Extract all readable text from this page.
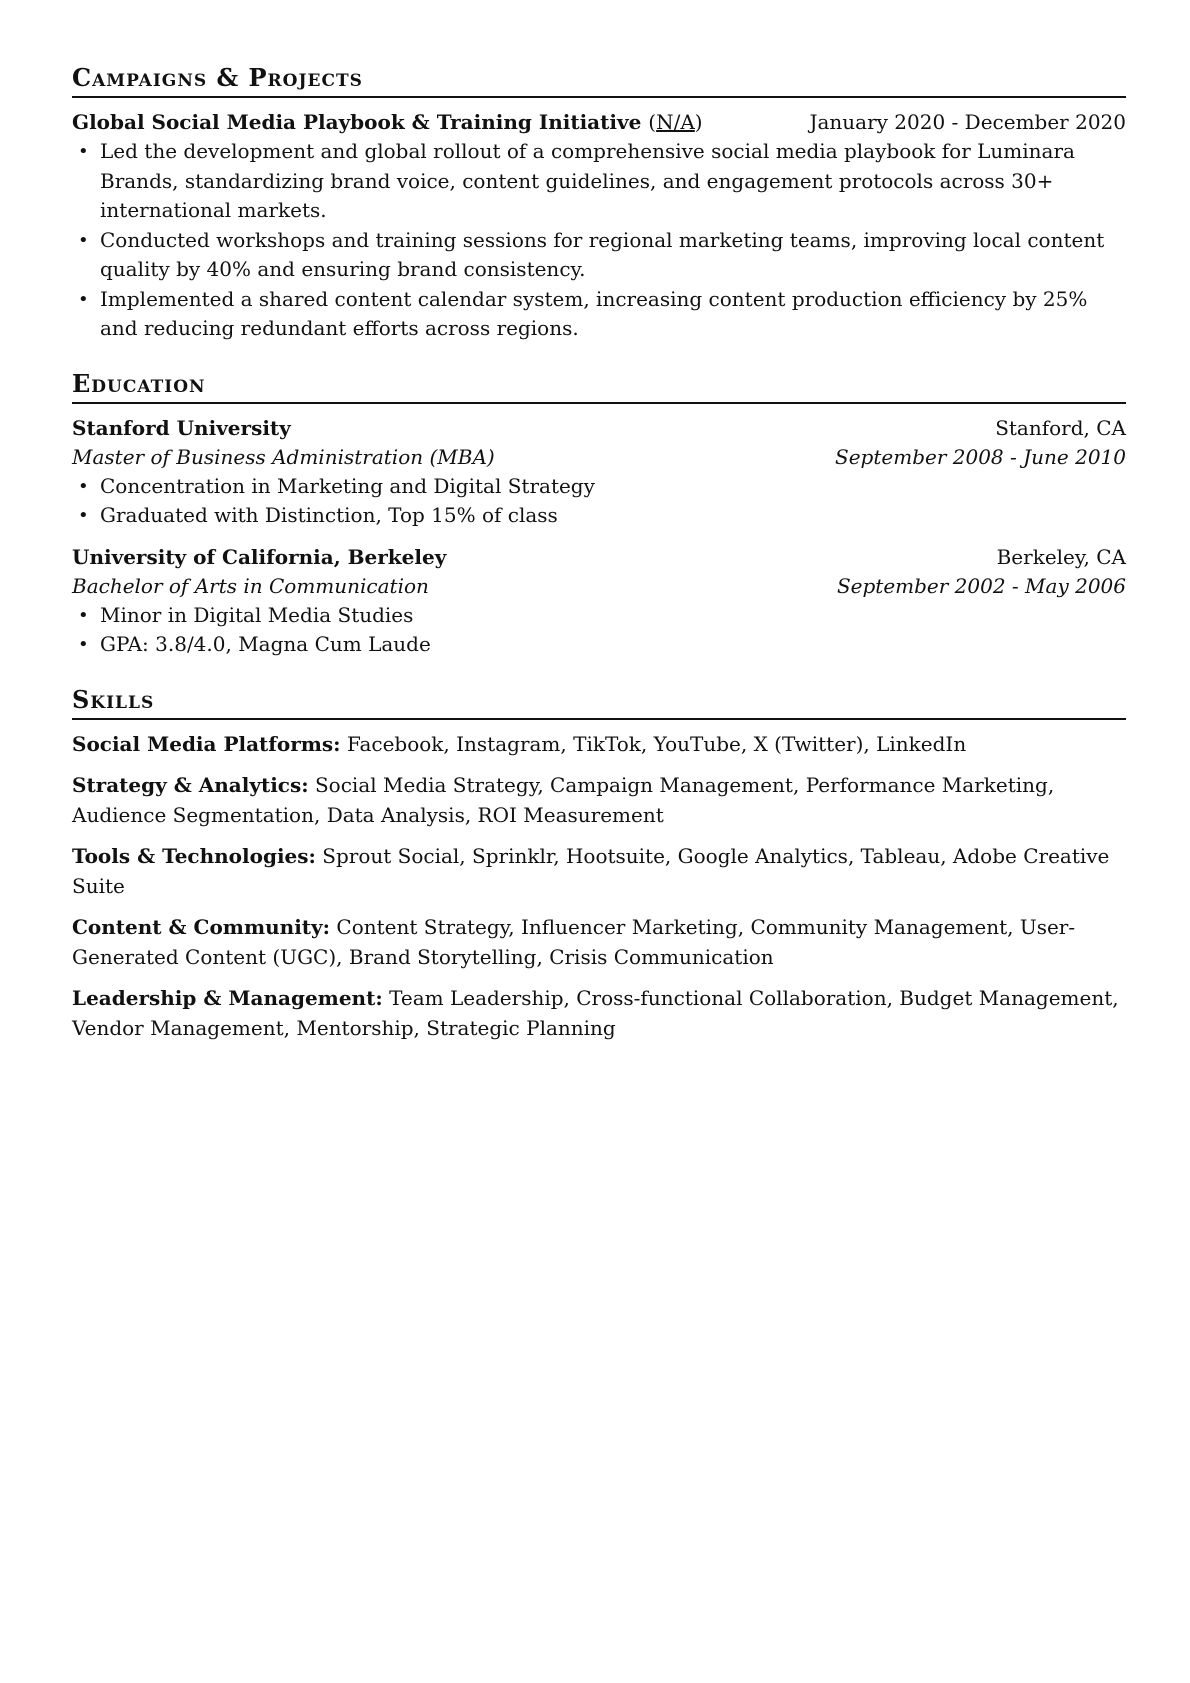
Campaigns & Projects
Global Social Media Playbook & Training Initiative (N/A)	January 2020 - December 2020
• Led the development and global rollout of a comprehensive social media playbook for Luminara Brands, standardizing brand voice, content guidelines, and engagement protocols across 30+ international markets.
• Conducted workshops and training sessions for regional marketing teams, improving local content quality by 40% and ensuring brand consistency.
• Implemented a shared content calendar system, increasing content production efficiency by 25% and reducing redundant efforts across regions.
Education
Stanford University	Stanford, CA
Master of Business Administration (MBA)	September 2008 - June 2010
• Concentration in Marketing and Digital Strategy
• Graduated with Distinction, Top 15% of class
University of California, Berkeley	Berkeley, CA
Bachelor of Arts in Communication	September 2002 - May 2006
• Minor in Digital Media Studies
• GPA: 3.8/4.0, Magna Cum Laude
Skills
Social Media Platforms: Facebook, Instagram, TikTok, YouTube, X (Twitter), LinkedIn
Strategy & Analytics: Social Media Strategy, Campaign Management, Performance Marketing, Audience Segmentation, Data Analysis, ROI Measurement
Tools & Technologies: Sprout Social, Sprinklr, Hootsuite, Google Analytics, Tableau, Adobe Creative Suite
Content & Community: Content Strategy, Influencer Marketing, Community Management, User-Generated Content (UGC), Brand Storytelling, Crisis Communication
Leadership & Management: Team Leadership, Cross-functional Collaboration, Budget Management, Vendor Management, Mentorship, Strategic Planning
